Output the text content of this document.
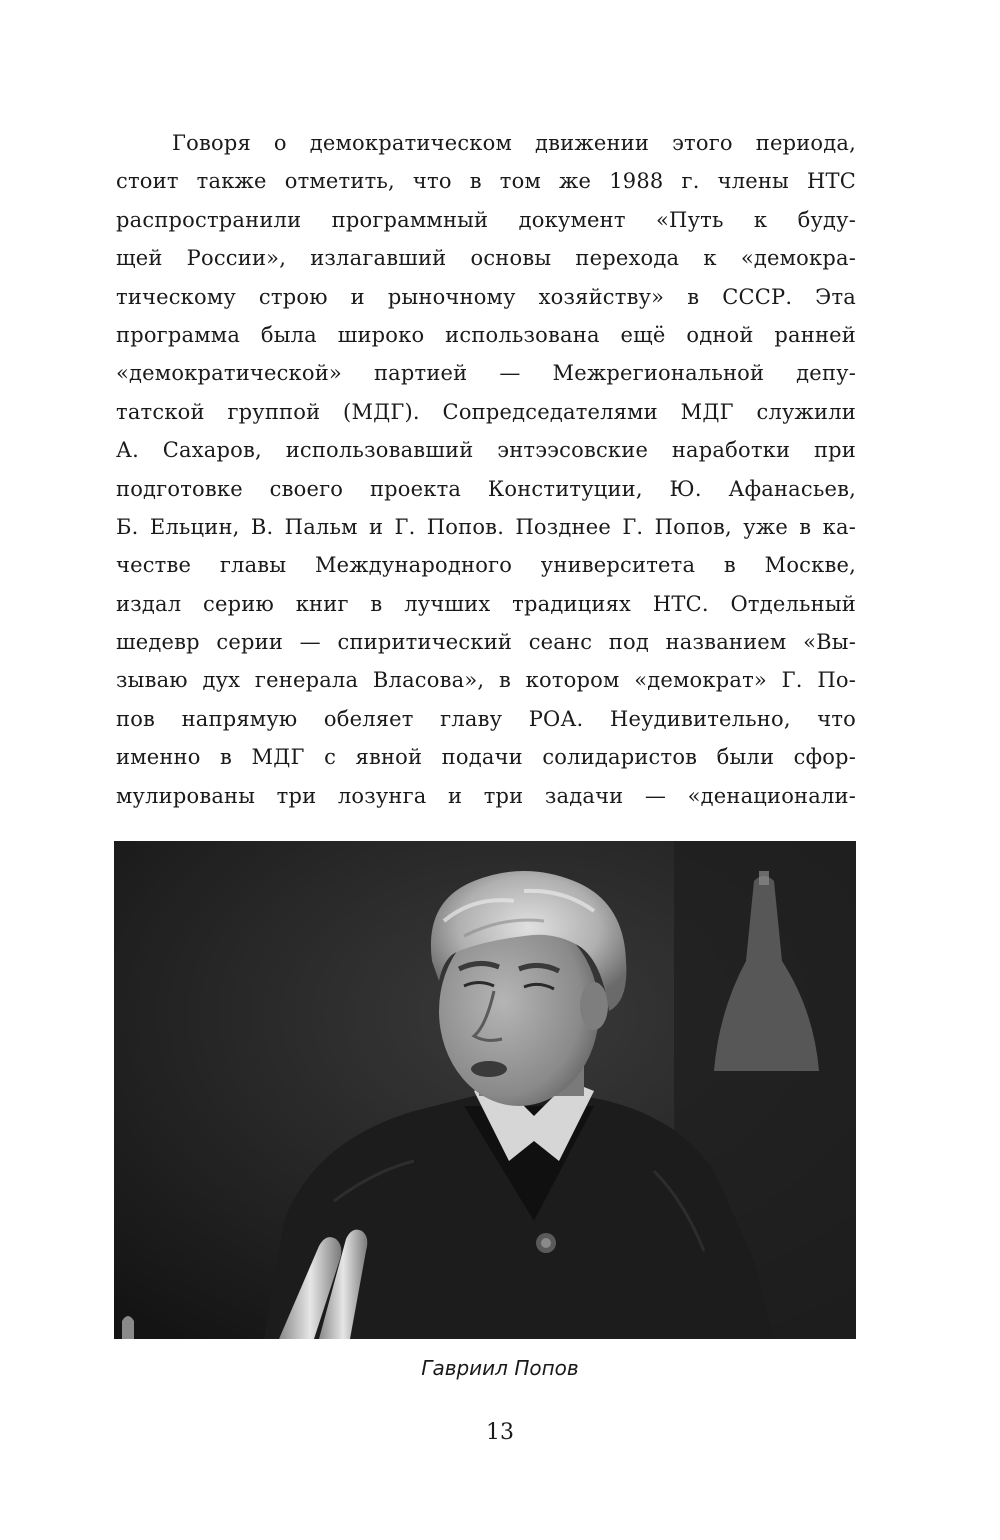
Говоря о демократическом движении этого периода,
стоит также отметить, что в том же 1988 г. члены НТС
распространили программный документ «Путь к буду-
щей России», излагавший основы перехода к «демокра-
тическому строю и рыночному хозяйству» в СССР. Эта
программа была широко использована ещё одной ранней
«демократической» партией — Межрегиональной депу-
татской группой (МДГ). Сопредседателями МДГ служили
А. Сахаров, использовавший энтээсовские наработки при
подготовке своего проекта Конституции, Ю. Афанасьев,
Б. Ельцин, В. Пальм и Г. Попов. Позднее Г. Попов, уже в ка-
честве главы Международного университета в Москве,
издал серию книг в лучших традициях НТС. Отдельный
шедевр серии — спиритический сеанс под названием «Вы-
зываю дух генерала Власова», в котором «демократ» Г. По-
пов напрямую обеляет главу РОА. Неудивительно, что
именно в МДГ с явной подачи солидаристов были сфор-
мулированы три лозунга и три задачи — «денационали-
Гавриил Попов
13
